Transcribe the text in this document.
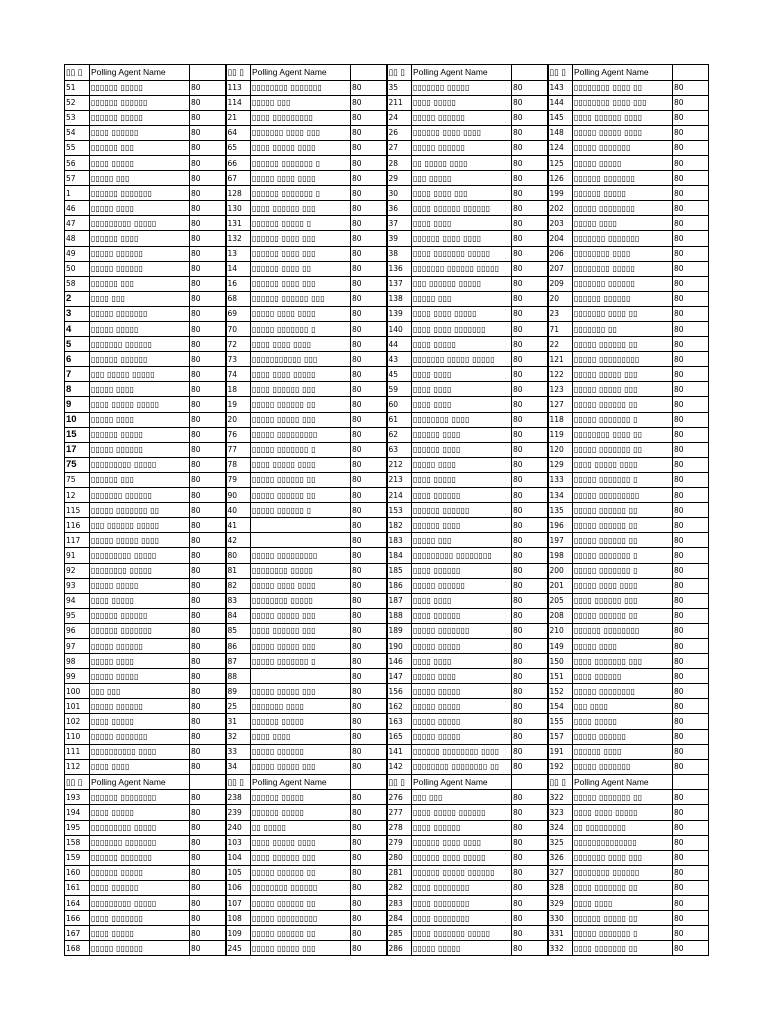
▯▯ ▯	Polling Agent Name		▯▯ ▯	Polling Agent Name		▯▯ ▯	Polling Agent Name		▯▯ ▯	Polling Agent Name	
51	▯▯▯▯▯▯ ▯▯▯▯▯	80	113	▯▯▯▯▯▯▯▯ ▯▯▯▯▯▯▯	80	35	▯▯▯▯▯▯▯ ▯▯▯▯▯	80	143	▯▯▯▯▯▯▯▯ ▯▯▯▯ ▯▯	80
52	▯▯▯▯▯▯ ▯▯▯▯▯▯	80	114	▯▯▯▯▯ ▯▯▯	80	211	▯▯▯▯ ▯▯▯▯▯	80	144	▯▯▯▯▯▯▯▯ ▯▯▯▯ ▯▯▯	80
53	▯▯▯▯▯▯ ▯▯▯▯▯	80	21	▯▯▯▯ ▯▯▯▯▯▯▯▯▯	80	24	▯▯▯▯▯ ▯▯▯▯▯▯	80	145	▯▯▯▯ ▯▯▯▯▯▯ ▯▯▯▯	80
54	▯▯▯▯ ▯▯▯▯▯▯	80	64	▯▯▯▯▯▯▯ ▯▯▯▯ ▯▯▯	80	26	▯▯▯▯▯▯ ▯▯▯▯ ▯▯▯▯	80	148	▯▯▯▯▯ ▯▯▯▯▯ ▯▯▯▯	80
55	▯▯▯▯▯▯ ▯▯▯	80	65	▯▯▯▯ ▯▯▯▯▯ ▯▯▯▯	80	27	▯▯▯▯▯ ▯▯▯▯▯▯	80	124	▯▯▯▯▯ ▯▯▯▯▯▯▯	80
56	▯▯▯▯ ▯▯▯▯▯	80	66	▯▯▯▯▯▯ ▯▯▯▯▯▯▯ ▯	80	28	▯▯ ▯▯▯▯▯ ▯▯▯▯	80	125	▯▯▯▯▯ ▯▯▯▯▯	80
57	▯▯▯▯▯ ▯▯▯	80	67	▯▯▯▯▯ ▯▯▯▯ ▯▯▯▯	80	29	▯▯▯ ▯▯▯▯▯	80	126	▯▯▯▯▯▯ ▯▯▯▯▯▯▯	80
1	▯▯▯▯▯▯ ▯▯▯▯▯▯▯	80	128	▯▯▯▯▯▯ ▯▯▯▯▯▯▯ ▯	80	30	▯▯▯▯ ▯▯▯▯ ▯▯▯	80	199	▯▯▯▯▯▯ ▯▯▯▯▯	80
46	▯▯▯▯▯ ▯▯▯▯	80	130	▯▯▯▯ ▯▯▯▯▯▯ ▯▯▯	80	36	▯▯▯▯ ▯▯▯▯▯▯ ▯▯▯▯▯▯	80	202	▯▯▯▯▯ ▯▯▯▯▯▯▯▯	80
47	▯▯▯▯▯▯▯▯▯ ▯▯▯▯▯	80	131	▯▯▯▯▯▯ ▯▯▯▯▯ ▯	80	37	▯▯▯▯ ▯▯▯▯	80	203	▯▯▯▯▯ ▯▯▯▯	80
48	▯▯▯▯▯▯ ▯▯▯▯	80	132	▯▯▯▯▯▯ ▯▯▯▯ ▯▯▯	80	39	▯▯▯▯▯▯ ▯▯▯▯ ▯▯▯▯	80	204	▯▯▯▯▯▯▯ ▯▯▯▯▯▯▯	80
49	▯▯▯▯▯ ▯▯▯▯▯▯	80	13	▯▯▯▯▯▯ ▯▯▯▯ ▯▯▯	80	38	▯▯▯▯ ▯▯▯▯▯▯▯ ▯▯▯▯▯	80	206	▯▯▯▯▯▯▯▯ ▯▯▯▯	80
50	▯▯▯▯▯ ▯▯▯▯▯▯	80	14	▯▯▯▯▯▯ ▯▯▯▯ ▯▯	80	136	▯▯▯▯▯▯▯ ▯▯▯▯▯▯ ▯▯▯▯▯	80	207	▯▯▯▯▯▯▯▯ ▯▯▯▯▯	80
58	▯▯▯▯▯▯ ▯▯▯	80	16	▯▯▯▯▯▯ ▯▯▯▯ ▯▯▯	80	137	▯▯▯ ▯▯▯▯▯▯ ▯▯▯▯▯	80	209	▯▯▯▯▯▯▯ ▯▯▯▯▯▯	80
2	▯▯▯▯ ▯▯▯	80	68	▯▯▯▯▯▯ ▯▯▯▯▯▯ ▯▯▯	80	138	▯▯▯▯▯ ▯▯▯	80	20	▯▯▯▯▯▯ ▯▯▯▯▯▯	80
3	▯▯▯▯▯ ▯▯▯▯▯▯▯	80	69	▯▯▯▯▯ ▯▯▯▯ ▯▯▯▯	80	139	▯▯▯▯ ▯▯▯▯ ▯▯▯▯▯	80	23	▯▯▯▯▯▯▯ ▯▯▯▯ ▯▯	80
4	▯▯▯▯▯ ▯▯▯▯▯	80	70	▯▯▯▯▯ ▯▯▯▯▯▯▯ ▯	80	140	▯▯▯▯ ▯▯▯▯ ▯▯▯▯▯▯▯	80	71	▯▯▯▯▯▯▯ ▯▯	80
5	▯▯▯▯▯▯▯ ▯▯▯▯▯▯	80	72	▯▯▯▯ ▯▯▯▯ ▯▯▯▯	80	44	▯▯▯▯ ▯▯▯▯▯	80	22	▯▯▯▯▯ ▯▯▯▯▯▯ ▯▯	80
6	▯▯▯▯▯▯ ▯▯▯▯▯▯	80	73	▯▯▯▯▯▯▯▯▯▯▯ ▯▯▯	80	43	▯▯▯▯▯▯▯ ▯▯▯▯▯ ▯▯▯▯▯	80	121	▯▯▯▯▯ ▯▯▯▯▯▯▯▯▯	80
7	▯▯▯ ▯▯▯▯▯ ▯▯▯▯▯	80	74	▯▯▯▯ ▯▯▯▯ ▯▯▯▯▯	80	45	▯▯▯▯ ▯▯▯▯	80	122	▯▯▯▯▯ ▯▯▯▯▯ ▯▯▯	80
8	▯▯▯▯▯ ▯▯▯▯	80	18	▯▯▯▯ ▯▯▯▯▯▯ ▯▯▯	80	59	▯▯▯▯ ▯▯▯▯	80	123	▯▯▯▯▯ ▯▯▯▯▯ ▯▯▯	80
9	▯▯▯▯ ▯▯▯▯▯ ▯▯▯▯▯	80	19	▯▯▯▯▯ ▯▯▯▯▯▯ ▯▯	80	60	▯▯▯▯ ▯▯▯▯	80	127	▯▯▯▯▯ ▯▯▯▯▯▯ ▯▯	80
10	▯▯▯▯▯ ▯▯▯▯	80	20	▯▯▯▯▯ ▯▯▯▯▯ ▯▯▯	80	61	▯▯▯▯▯▯▯▯ ▯▯▯▯	80	118	▯▯▯▯▯ ▯▯▯▯▯▯▯ ▯	80
15	▯▯▯▯▯▯ ▯▯▯▯▯	80	76	▯▯▯▯▯ ▯▯▯▯▯▯▯▯▯	80	62	▯▯▯▯▯▯ ▯▯▯▯	80	119	▯▯▯▯▯▯▯▯ ▯▯▯▯ ▯▯	80
17	▯▯▯▯▯ ▯▯▯▯▯▯	80	77	▯▯▯▯▯ ▯▯▯▯▯▯▯ ▯	80	63	▯▯▯▯▯▯ ▯▯▯▯	80	120	▯▯▯▯▯ ▯▯▯▯▯▯▯ ▯▯	80
75	▯▯▯▯▯▯▯▯▯ ▯▯▯▯▯	80	78	▯▯▯▯ ▯▯▯▯▯ ▯▯▯▯	80	212	▯▯▯▯▯ ▯▯▯▯	80	129	▯▯▯▯ ▯▯▯▯▯ ▯▯▯▯	80
75	▯▯▯▯▯▯ ▯▯▯	80	79	▯▯▯▯▯ ▯▯▯▯▯▯ ▯▯	80	213	▯▯▯▯ ▯▯▯▯▯	80	133	▯▯▯▯▯ ▯▯▯▯▯▯▯ ▯	80
12	▯▯▯▯▯▯▯ ▯▯▯▯▯▯	80	90	▯▯▯▯▯ ▯▯▯▯▯▯ ▯▯	80	214	▯▯▯▯ ▯▯▯▯▯▯	80	134	▯▯▯▯▯ ▯▯▯▯▯▯▯▯▯	80
115	▯▯▯▯▯ ▯▯▯▯▯▯▯ ▯▯	80	40	▯▯▯▯▯ ▯▯▯▯▯▯ ▯	80	153	▯▯▯▯▯▯ ▯▯▯▯▯▯	80	135	▯▯▯▯▯ ▯▯▯▯▯▯ ▯▯	80
116	▯▯▯ ▯▯▯▯▯▯ ▯▯▯▯▯	80	41		80	182	▯▯▯▯▯▯ ▯▯▯▯	80	196	▯▯▯▯▯ ▯▯▯▯▯▯ ▯▯	80
117	▯▯▯▯▯ ▯▯▯▯▯ ▯▯▯▯	80	42		80	183	▯▯▯▯▯ ▯▯▯	80	197	▯▯▯▯▯ ▯▯▯▯▯▯ ▯▯	80
91	▯▯▯▯▯▯▯▯▯ ▯▯▯▯▯	80	80	▯▯▯▯▯ ▯▯▯▯▯▯▯▯▯	80	184	▯▯▯▯▯▯▯▯▯ ▯▯▯▯▯▯▯▯	80	198	▯▯▯▯▯ ▯▯▯▯▯▯▯ ▯	80
92	▯▯▯▯▯▯▯▯ ▯▯▯▯▯	80	81	▯▯▯▯▯▯▯▯ ▯▯▯▯▯	80	185	▯▯▯▯ ▯▯▯▯▯▯	80	200	▯▯▯▯▯ ▯▯▯▯▯▯▯ ▯	80
93	▯▯▯▯▯ ▯▯▯▯▯	80	82	▯▯▯▯▯ ▯▯▯▯ ▯▯▯▯	80	186	▯▯▯▯▯ ▯▯▯▯▯▯	80	201	▯▯▯▯▯ ▯▯▯▯ ▯▯▯▯	80
94	▯▯▯▯ ▯▯▯▯▯	80	83	▯▯▯▯▯▯▯▯ ▯▯▯▯▯	80	187	▯▯▯▯ ▯▯▯▯	80	205	▯▯▯▯ ▯▯▯▯▯▯ ▯▯▯	80
95	▯▯▯▯▯▯ ▯▯▯▯▯▯	80	84	▯▯▯▯▯ ▯▯▯▯▯ ▯▯▯	80	188	▯▯▯▯ ▯▯▯▯▯▯	80	208	▯▯▯▯▯ ▯▯▯▯▯▯ ▯▯	80
96	▯▯▯▯▯▯ ▯▯▯▯▯▯▯	80	85	▯▯▯▯ ▯▯▯▯▯▯ ▯▯▯	80	189	▯▯▯▯▯ ▯▯▯▯▯▯▯	80	210	▯▯▯▯▯▯ ▯▯▯▯▯▯▯▯	80
97	▯▯▯▯▯ ▯▯▯▯▯▯	80	86	▯▯▯▯▯ ▯▯▯▯▯ ▯▯▯	80	190	▯▯▯▯▯ ▯▯▯▯▯	80	149	▯▯▯▯▯ ▯▯▯▯	80
98	▯▯▯▯▯ ▯▯▯▯	80	87	▯▯▯▯▯ ▯▯▯▯▯▯▯ ▯	80	146	▯▯▯▯ ▯▯▯▯	80	150	▯▯▯▯ ▯▯▯▯▯▯▯ ▯▯▯	80
99	▯▯▯▯▯ ▯▯▯▯▯	80	88		80	147	▯▯▯▯▯ ▯▯▯▯	80	151	▯▯▯▯ ▯▯▯▯▯▯	80
100	▯▯▯ ▯▯▯	80	89	▯▯▯▯▯ ▯▯▯▯▯ ▯▯▯	80	156	▯▯▯▯▯ ▯▯▯▯▯	80	152	▯▯▯▯▯ ▯▯▯▯▯▯▯▯	80
101	▯▯▯▯▯ ▯▯▯▯▯▯	80	25	▯▯▯▯▯▯▯ ▯▯▯▯	80	162	▯▯▯▯▯ ▯▯▯▯▯	80	154	▯▯▯ ▯▯▯▯	80
102	▯▯▯▯ ▯▯▯▯▯	80	31	▯▯▯▯▯▯ ▯▯▯▯▯	80	163	▯▯▯▯▯ ▯▯▯▯▯	80	155	▯▯▯▯ ▯▯▯▯▯	80
110	▯▯▯▯▯ ▯▯▯▯▯▯▯	80	32	▯▯▯▯ ▯▯▯▯	80	165	▯▯▯▯▯ ▯▯▯▯▯	80	157	▯▯▯▯▯ ▯▯▯▯▯▯	80
111	▯▯▯▯▯▯▯▯▯▯ ▯▯▯▯	80	33	▯▯▯▯▯ ▯▯▯▯▯▯	80	141	▯▯▯▯▯▯ ▯▯▯▯▯▯▯▯ ▯▯▯▯	80	191	▯▯▯▯▯▯ ▯▯▯▯	80
112	▯▯▯▯ ▯▯▯▯	80	34	▯▯▯▯▯ ▯▯▯▯▯ ▯▯▯	80	142	▯▯▯▯▯▯▯▯ ▯▯▯▯▯▯▯▯ ▯▯	80	192	▯▯▯▯▯ ▯▯▯▯▯▯▯	80
▯▯ ▯	Polling Agent Name		▯▯ ▯	Polling Agent Name		▯▯ ▯	Polling Agent Name		▯▯ ▯	Polling Agent Name	
193	▯▯▯▯▯▯ ▯▯▯▯▯▯▯▯	80	238	▯▯▯▯▯▯ ▯▯▯▯▯	80	276	▯▯▯ ▯▯▯	80	322	▯▯▯▯▯ ▯▯▯▯▯▯▯ ▯▯	80
194	▯▯▯▯ ▯▯▯▯▯	80	239	▯▯▯▯▯▯ ▯▯▯▯▯	80	277	▯▯▯▯ ▯▯▯▯▯ ▯▯▯▯▯▯	80	323	▯▯▯▯ ▯▯▯▯ ▯▯▯▯▯	80
195	▯▯▯▯▯▯▯▯▯ ▯▯▯▯▯	80	240	▯▯ ▯▯▯▯▯	80	278	▯▯▯▯ ▯▯▯▯▯▯	80	324	▯▯ ▯▯▯▯▯▯▯▯▯	80
158	▯▯▯▯▯▯▯ ▯▯▯▯▯▯▯	80	103	▯▯▯▯ ▯▯▯▯▯ ▯▯▯▯	80	279	▯▯▯▯▯▯ ▯▯▯▯ ▯▯▯▯	80	325	▯▯▯▯▯▯▯▯▯▯▯▯▯▯	80
159	▯▯▯▯▯▯ ▯▯▯▯▯▯▯	80	104	▯▯▯▯ ▯▯▯▯▯▯ ▯▯▯	80	280	▯▯▯▯▯▯ ▯▯▯▯ ▯▯▯▯▯	80	326	▯▯▯▯▯▯▯ ▯▯▯▯ ▯▯▯	80
160	▯▯▯▯▯▯ ▯▯▯▯▯	80	105	▯▯▯▯▯ ▯▯▯▯▯▯ ▯▯	80	281	▯▯▯▯▯▯ ▯▯▯▯▯ ▯▯▯▯▯▯	80	327	▯▯▯▯▯▯▯▯ ▯▯▯▯▯▯	80
161	▯▯▯▯ ▯▯▯▯▯▯	80	106	▯▯▯▯▯▯▯▯ ▯▯▯▯▯▯	80	282	▯▯▯▯ ▯▯▯▯▯▯▯▯	80	328	▯▯▯▯ ▯▯▯▯▯▯▯ ▯▯	80
164	▯▯▯▯▯▯▯▯▯ ▯▯▯▯▯	80	107	▯▯▯▯▯ ▯▯▯▯▯▯ ▯▯	80	283	▯▯▯▯ ▯▯▯▯▯▯▯▯	80	329	▯▯▯▯ ▯▯▯▯	80
166	▯▯▯▯ ▯▯▯▯▯▯▯	80	108	▯▯▯▯▯ ▯▯▯▯▯▯▯▯▯	80	284	▯▯▯▯ ▯▯▯▯▯▯▯▯	80	330	▯▯▯▯▯▯ ▯▯▯▯▯ ▯▯	80
167	▯▯▯▯ ▯▯▯▯▯	80	109	▯▯▯▯▯ ▯▯▯▯▯▯ ▯▯	80	285	▯▯▯▯ ▯▯▯▯▯▯▯ ▯▯▯▯▯	80	331	▯▯▯▯▯ ▯▯▯▯▯▯▯ ▯	80
168	▯▯▯▯▯ ▯▯▯▯▯▯	80	245	▯▯▯▯▯ ▯▯▯▯▯ ▯▯▯	80	286	▯▯▯▯▯ ▯▯▯▯▯	80	332	▯▯▯▯ ▯▯▯▯▯▯▯ ▯▯	80
